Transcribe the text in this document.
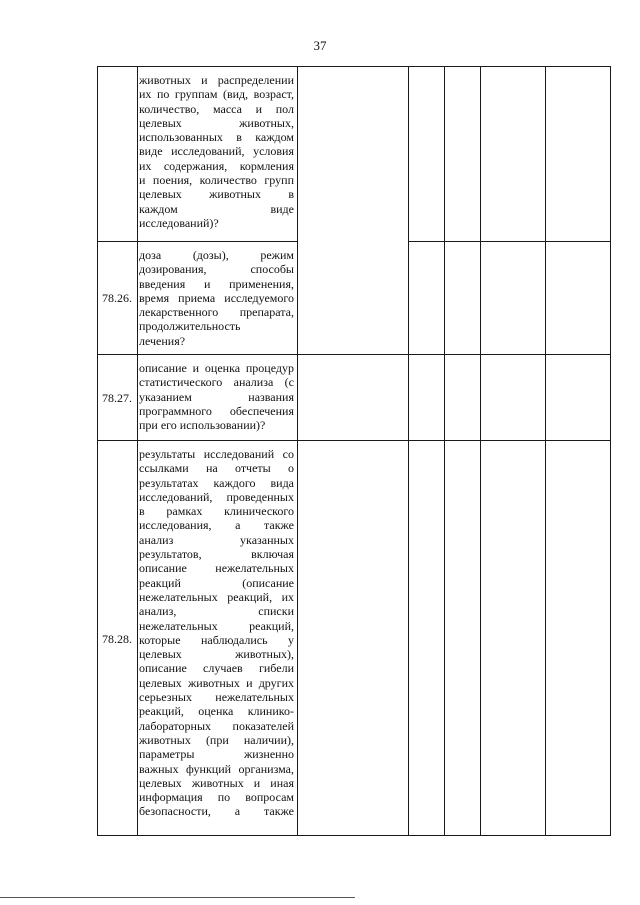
37
животных и распределении
их по группам (вид, возраст,
количество, масса и пол
целевых животных,
использованных в каждом
виде исследований, условия
их содержания, кормления
и поения, количество групп
целевых животных в
каждом виде
исследований)?
78.26.
доза (дозы), режим
дозирования, способы
введения и применения,
время приема исследуемого
лекарственного препарата,
продолжительность
лечения?
78.27.
описание и оценка процедур
статистического анализа (с
указанием названия
программного обеспечения
при его использовании)?
78.28.
результаты исследований со
ссылками на отчеты о
результатах каждого вида
исследований, проведенных
в рамках клинического
исследования, а также
анализ указанных
результатов, включая
описание нежелательных
реакций (описание
нежелательных реакций, их
анализ, списки
нежелательных реакций,
которые наблюдались у
целевых животных),
описание случаев гибели
целевых животных и других
серьезных нежелательных
реакций, оценка клинико-
лабораторных показателей
животных (при наличии),
параметры жизненно
важных функций организма,
целевых животных и иная
информация по вопросам
безопасности, а также
